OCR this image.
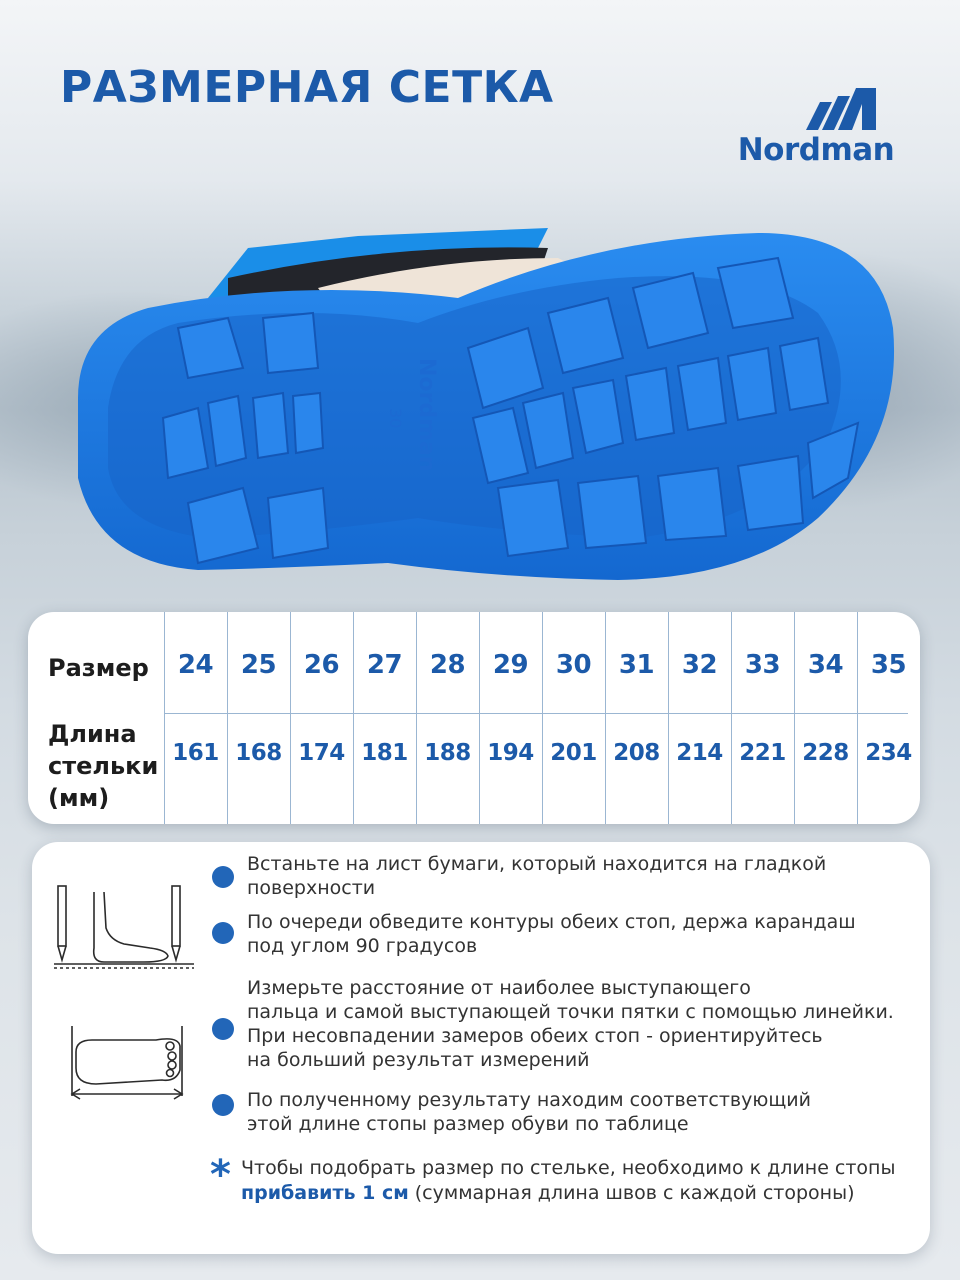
РАЗМЕРНАЯ СЕТКА
Nordman
Nordman
30
Размер
Длина
стельки
(мм)
24
161
25
168
26
174
27
181
28
188
29
194
30
201
31
208
32
214
33
221
34
228
35
234

Встаньте на лист бумаги, который находится на гладкой
поверхности

По очереди обведите контуры обеих стоп, держа карандаш
под углом 90 градусов

Измерьте расстояние от наиболее выступающего
пальца и самой выступающей точки пятки с помощью линейки.
При несовпадении замеров обеих стоп - ориентируйтесь
на больший результат измерений

По полученному результату находим соответствующий
этой длине стопы размер обуви по таблице

* Чтобы подобрать размер по стельке, необходимо к длине стопы
прибавить 1 см (суммарная длина швов с каждой стороны)
